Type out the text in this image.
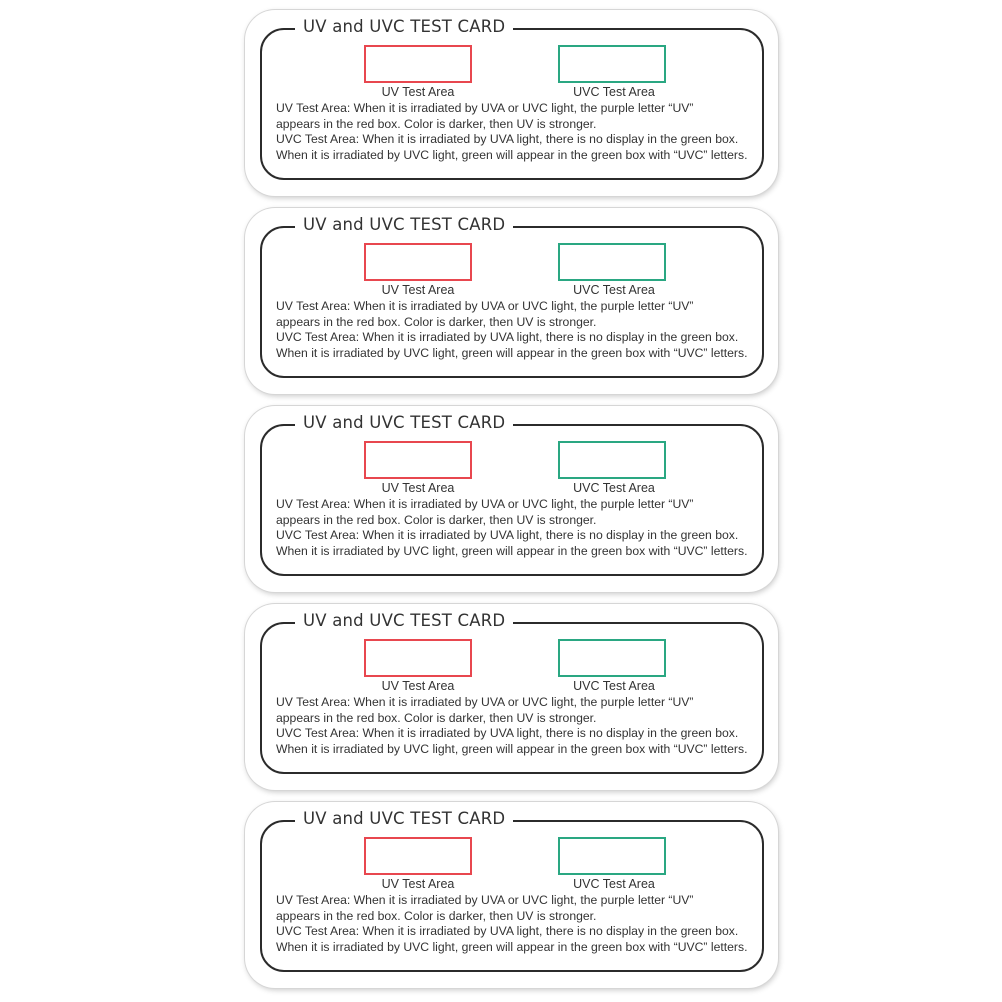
UV and UVC TEST CARD
UV Test Area	UVC Test Area
UV Test Area: When it is irradiated by UVA or UVC light, the purple letter “UV”
appears in the red box. Color is darker, then UV is stronger.
UVC Test Area: When it is irradiated by UVA light, there is no display in the green box.
When it is irradiated by UVC light, green will appear in the green box with “UVC” letters.
UV and UVC TEST CARD
UV Test Area	UVC Test Area
UV Test Area: When it is irradiated by UVA or UVC light, the purple letter “UV”
appears in the red box. Color is darker, then UV is stronger.
UVC Test Area: When it is irradiated by UVA light, there is no display in the green box.
When it is irradiated by UVC light, green will appear in the green box with “UVC” letters.
UV and UVC TEST CARD
UV Test Area	UVC Test Area
UV Test Area: When it is irradiated by UVA or UVC light, the purple letter “UV”
appears in the red box. Color is darker, then UV is stronger.
UVC Test Area: When it is irradiated by UVA light, there is no display in the green box.
When it is irradiated by UVC light, green will appear in the green box with “UVC” letters.
UV and UVC TEST CARD
UV Test Area	UVC Test Area
UV Test Area: When it is irradiated by UVA or UVC light, the purple letter “UV”
appears in the red box. Color is darker, then UV is stronger.
UVC Test Area: When it is irradiated by UVA light, there is no display in the green box.
When it is irradiated by UVC light, green will appear in the green box with “UVC” letters.
UV and UVC TEST CARD
UV Test Area	UVC Test Area
UV Test Area: When it is irradiated by UVA or UVC light, the purple letter “UV”
appears in the red box. Color is darker, then UV is stronger.
UVC Test Area: When it is irradiated by UVA light, there is no display in the green box.
When it is irradiated by UVC light, green will appear in the green box with “UVC” letters.
